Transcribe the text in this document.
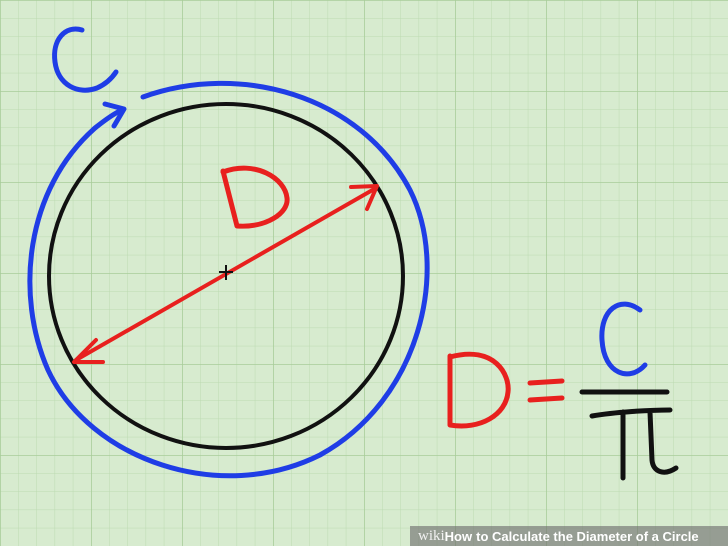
wiki How to Calculate the Diameter of a Circle
